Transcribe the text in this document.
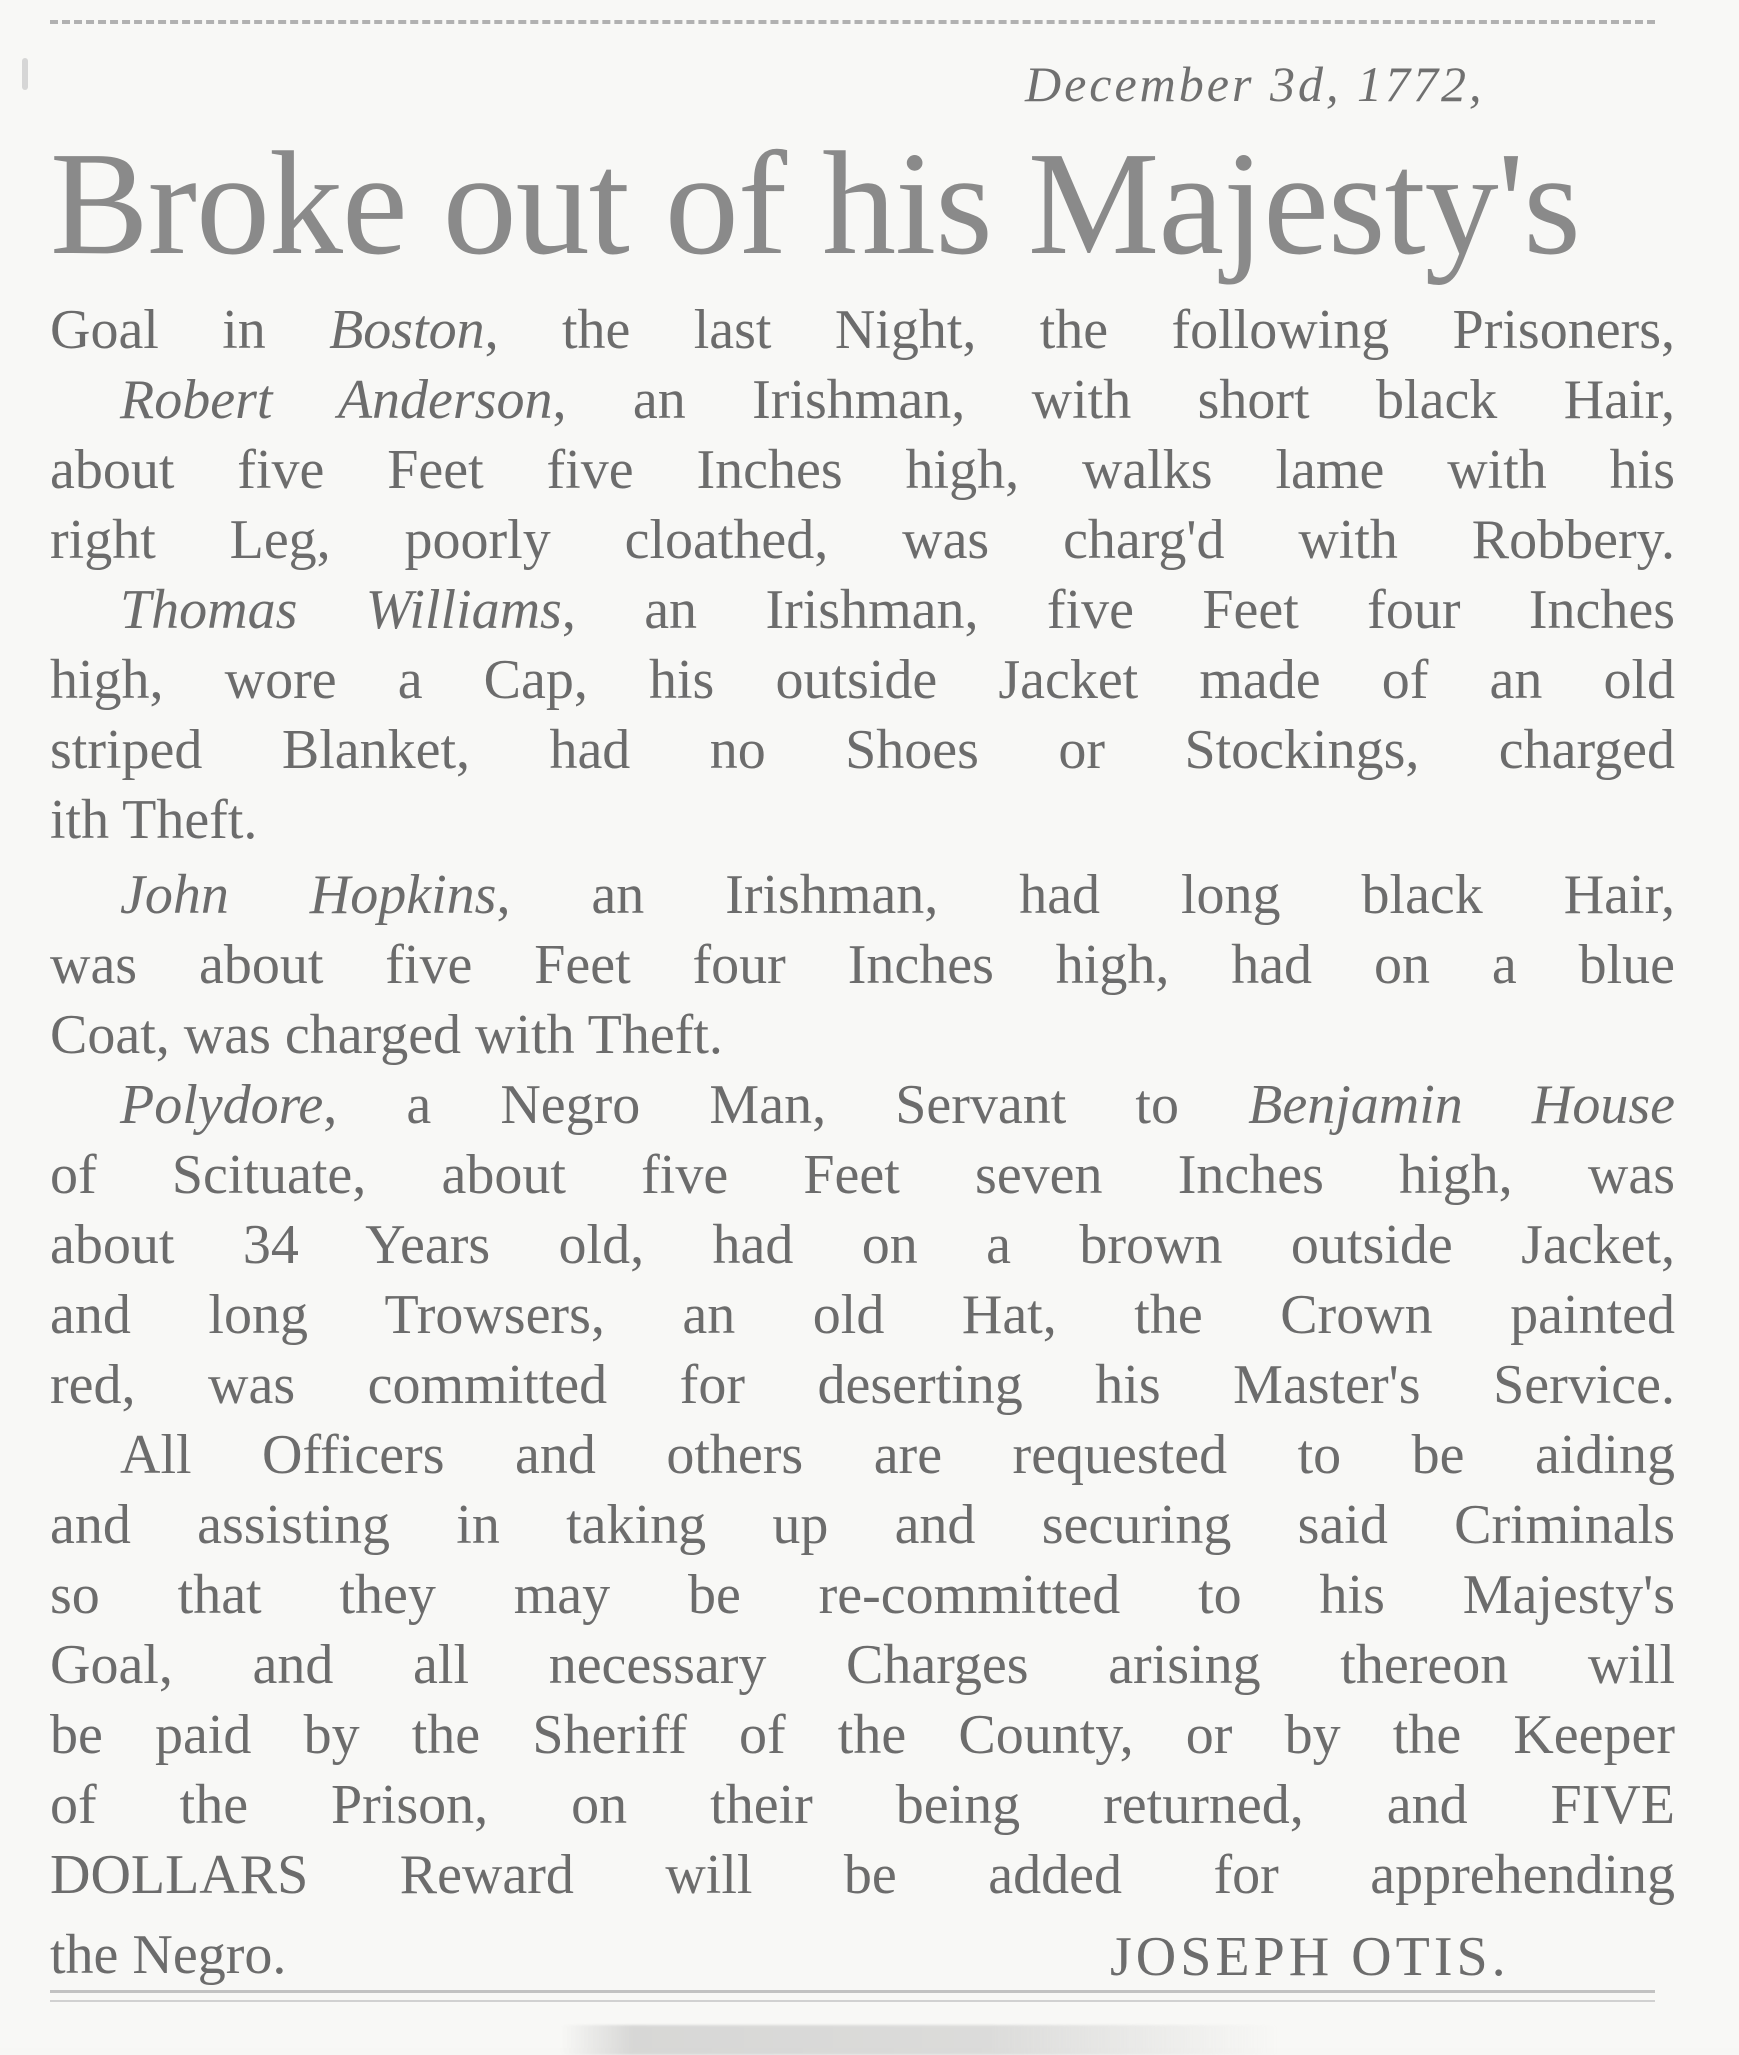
December 3d, 1772,
Broke out of his Majesty's
Goal in Boston, the last Night, the following Prisoners,
Robert Anderson, an Irishman, with short black Hair,
about five Feet five Inches high, walks lame with his
right Leg, poorly cloathed, was charg'd with Robbery.
Thomas Williams, an Irishman, five Feet four Inches
high, wore a Cap, his outside Jacket made of an old
striped Blanket, had no Shoes or Stockings, charged
ith Theft.
John Hopkins, an Irishman, had long black Hair,
was about five Feet four Inches high, had on a blue
Coat, was charged with Theft.
Polydore, a Negro Man, Servant to Benjamin House
of Scituate, about five Feet seven Inches high, was
about 34 Years old, had on a brown outside Jacket,
and long Trowsers, an old Hat, the Crown painted
red, was committed for deserting his Master's Service.
All Officers and others are requested to be aiding
and assisting in taking up and securing said Criminals
so that they may be re-committed to his Majesty's
Goal, and all necessary Charges arising thereon will
be paid by the Sheriff of the County, or by the Keeper
of the Prison, on their being returned, and FIVE
DOLLARS Reward will be added for apprehending
the Negro.	JOSEPH OTIS.
